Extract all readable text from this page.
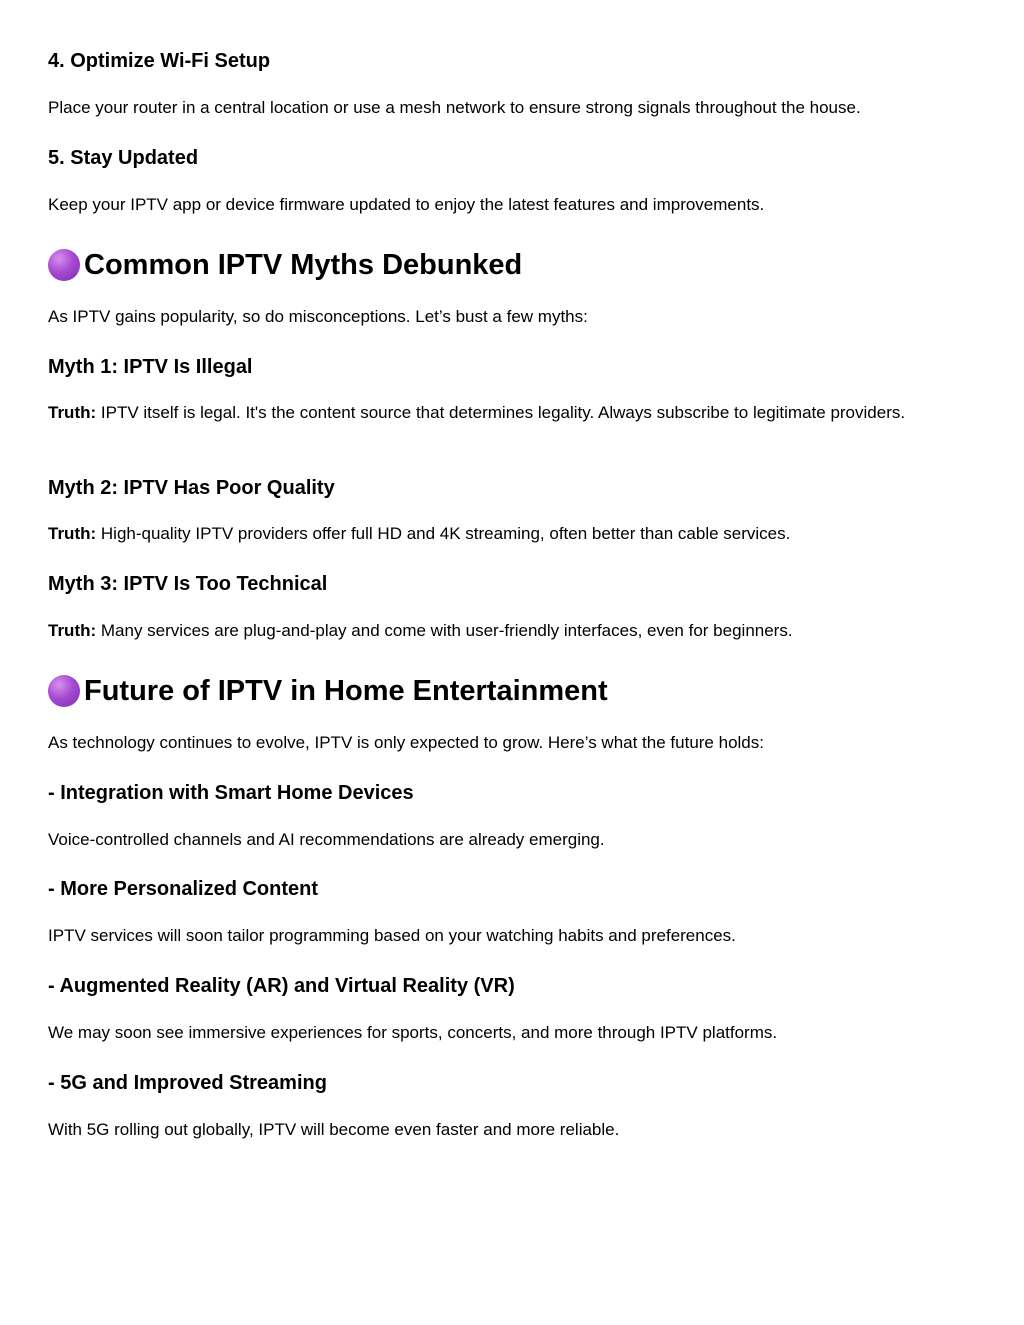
4. Optimize Wi-Fi Setup

Place your router in a central location or use a mesh network to ensure strong signals throughout the house.

5. Stay Updated

Keep your IPTV app or device firmware updated to enjoy the latest features and improvements.

Common IPTV Myths Debunked

As IPTV gains popularity, so do misconceptions. Let’s bust a few myths:

Myth 1: IPTV Is Illegal

Truth: IPTV itself is legal. It's the content source that determines legality. Always subscribe to legitimate providers.

Myth 2: IPTV Has Poor Quality

Truth: High-quality IPTV providers offer full HD and 4K streaming, often better than cable services.

Myth 3: IPTV Is Too Technical

Truth: Many services are plug-and-play and come with user-friendly interfaces, even for beginners.

Future of IPTV in Home Entertainment

As technology continues to evolve, IPTV is only expected to grow. Here’s what the future holds:

- Integration with Smart Home Devices

Voice-controlled channels and AI recommendations are already emerging.

- More Personalized Content

IPTV services will soon tailor programming based on your watching habits and preferences.

- Augmented Reality (AR) and Virtual Reality (VR)

We may soon see immersive experiences for sports, concerts, and more through IPTV platforms.

- 5G and Improved Streaming

With 5G rolling out globally, IPTV will become even faster and more reliable.
